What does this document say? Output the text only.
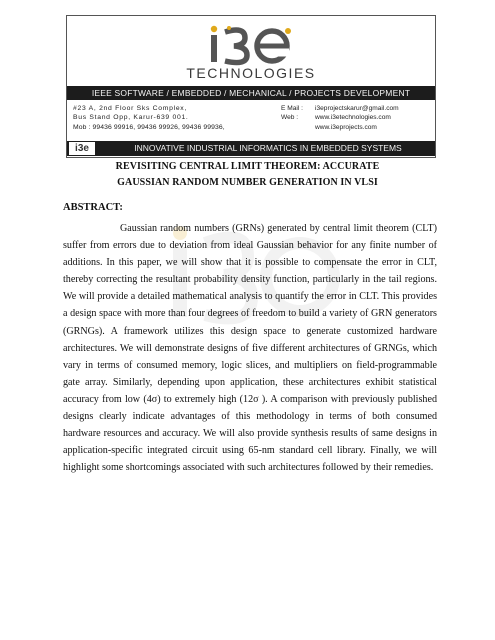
TECHNOLOGIES
IEEE SOFTWARE / EMBEDDED / MECHANICAL / PROJECTS DEVELOPMENT
#23 A, 2nd Floor Sks Complex,
Bus Stand Opp, Karur-639 001.
Mob : 99436 99916, 99436 99926, 99436 99936,
E Mail : i3eprojectskarur@gmail.com
Web :	www.i3etechnologies.com
www.i3eprojects.com
i3e	INNOVATIVE INDUSTRIAL INFORMATICS IN EMBEDDED SYSTEMS
REVISITING CENTRAL LIMIT THEOREM: ACCURATE
GAUSSIAN RANDOM NUMBER GENERATION IN VLSI
ABSTRACT:
Gaussian random numbers (GRNs) generated by central limit theorem (CLT) suffer from errors due to deviation from ideal Gaussian behavior for any finite number of additions. In this paper, we will show that it is possible to compensate the error in CLT, thereby correcting the resultant probability density function, particularly in the tail regions. We will provide a detailed mathematical analysis to quantify the error in CLT. This provides a design space with more than four degrees of freedom to build a variety of GRN generators (GRNGs). A framework utilizes this design space to generate customized hardware architectures. We will demonstrate designs of five different architectures of GRNGs, which vary in terms of consumed memory, logic slices, and multipliers on field-programmable gate array. Similarly, depending upon application, these architectures exhibit statistical accuracy from low (4σ) to extremely high (12σ ). A comparison with previously published designs clearly indicate advantages of this methodology in terms of both consumed hardware resources and accuracy. We will also provide synthesis results of same designs in application-specific integrated circuit using 65-nm standard cell library. Finally, we will highlight some shortcomings associated with such architectures followed by their remedies.
